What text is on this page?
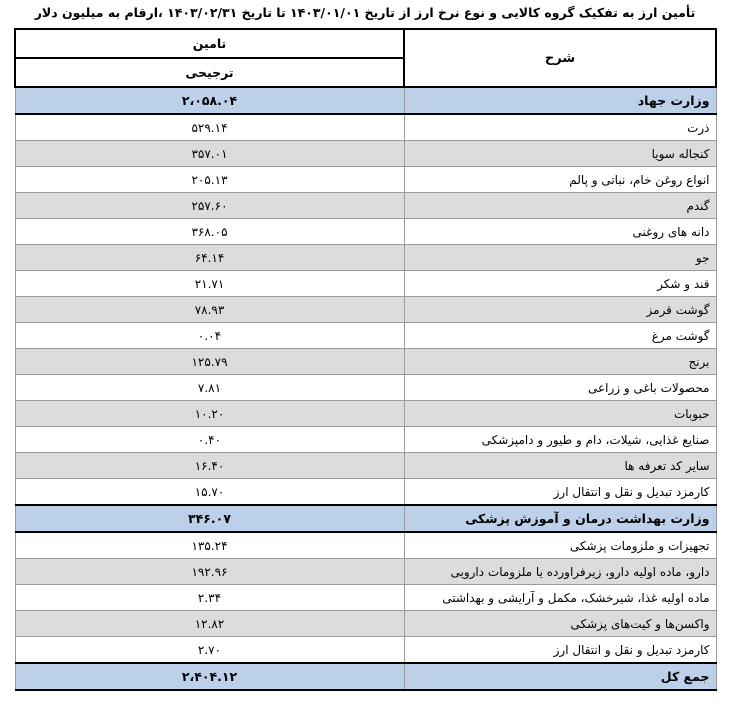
تأمین ارز به تفکیک گروه کالایی و نوع نرخ ارز از تاریخ ۱۴۰۳/۰۱/۰۱ تا تاریخ ۱۴۰۳/۰۲/۳۱ ،ارقام به میلیون دلار
تامین	شرح
ترجیحی	
۲،۰۵۸.۰۴	وزارت جهاد
۵۲۹.۱۴	ذرت
۳۵۷.۰۱	کنجاله سویا
۲۰۵.۱۳	انواع روغن خام، نباتی و پالم
۲۵۷.۶۰	گندم
۳۶۸.۰۵	دانه های روغنی
۶۴.۱۴	جو
۲۱.۷۱	قند و شکر
۷۸.۹۳	گوشت قرمز
۰.۰۴	گوشت مرغ
۱۲۵.۷۹	برنج
۷.۸۱	محصولات باغی و زراعی
۱۰.۲۰	حبوبات
۰.۴۰	صنایع غذایی، شیلات، دام و طیور و دامپزشکی
۱۶.۴۰	سایر کد تعرفه ها
۱۵.۷۰	کارمزد تبدیل و نقل و انتقال ارز
۳۴۶.۰۷	وزارت بهداشت درمان و آموزش پزشکی
۱۳۵.۲۴	تجهیزات و ملزومات پزشکی
۱۹۲.۹۶	دارو، ماده اولیه دارو، زیرفراورده یا ملزومات دارویی
۲.۳۴	ماده اولیه غذا، شیرخشک، مکمل و آرایشی و بهداشتی
۱۲.۸۲	واکسن‌ها و کیت‌های پزشکی
۲.۷۰	کارمزد تبدیل و نقل و انتقال ارز
۲،۴۰۴.۱۲	جمع کل
